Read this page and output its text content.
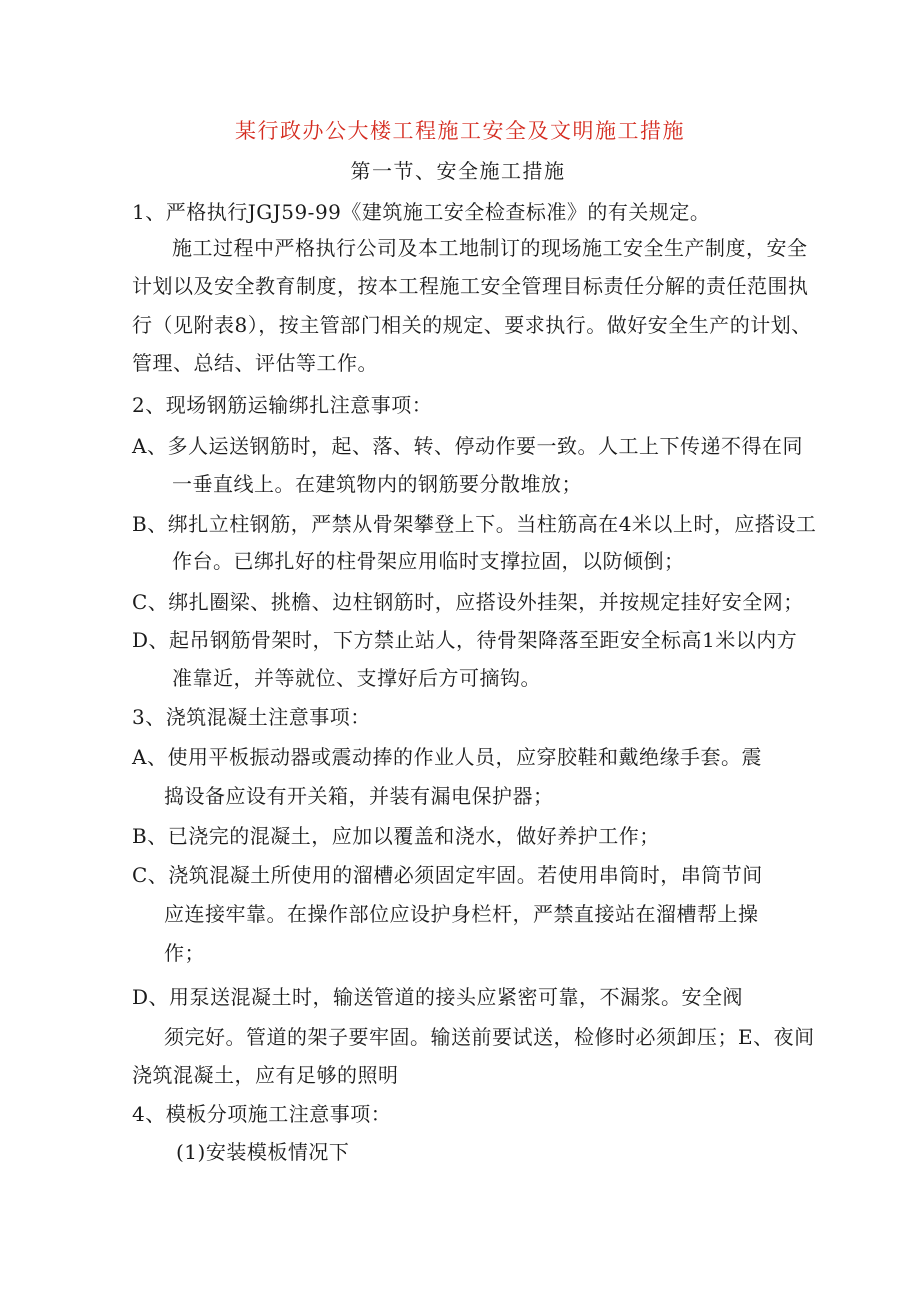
某行政办公大楼工程施工安全及文明施工措施
第一节、安全施工措施
1、严格执行JGJ59-99《建筑施工安全检查标准》的有关规定。
施工过程中严格执行公司及本工地制订的现场施工安全生产制度，安全
计划以及安全教育制度，按本工程施工安全管理目标责任分解的责任范围执
行（见附表8），按主管部门相关的规定、要求执行。做好安全生产的计划、
管理、总结、评估等工作。
2、现场钢筋运输绑扎注意事项：
A、多人运送钢筋时，起、落、转、停动作要一致。人工上下传递不得在同
一垂直线上。在建筑物内的钢筋要分散堆放；
B、绑扎立柱钢筋，严禁从骨架攀登上下。当柱筋高在4米以上时，应搭设工
作台。已绑扎好的柱骨架应用临时支撑拉固，以防倾倒；
C、绑扎圈梁、挑檐、边柱钢筋时，应搭设外挂架，并按规定挂好安全网；
D、起吊钢筋骨架时，下方禁止站人，待骨架降落至距安全标高1米以内方
准靠近，并等就位、支撑好后方可摘钩。
3、浇筑混凝土注意事项：
A、使用平板振动器或震动捧的作业人员，应穿胶鞋和戴绝缘手套。震
捣设备应设有开关箱，并装有漏电保护器；
B、已浇完的混凝土，应加以覆盖和浇水，做好养护工作；
C、浇筑混凝土所使用的溜槽必须固定牢固。若使用串筒时，串筒节间
应连接牢靠。在操作部位应设护身栏杆，严禁直接站在溜槽帮上操
作；
D、用泵送混凝土时，输送管道的接头应紧密可靠，不漏浆。安全阀
须完好。管道的架子要牢固。输送前要试送，检修时必须卸压；E、夜间
浇筑混凝土，应有足够的照明
4、模板分项施工注意事项：
(1)安装模板情况下
